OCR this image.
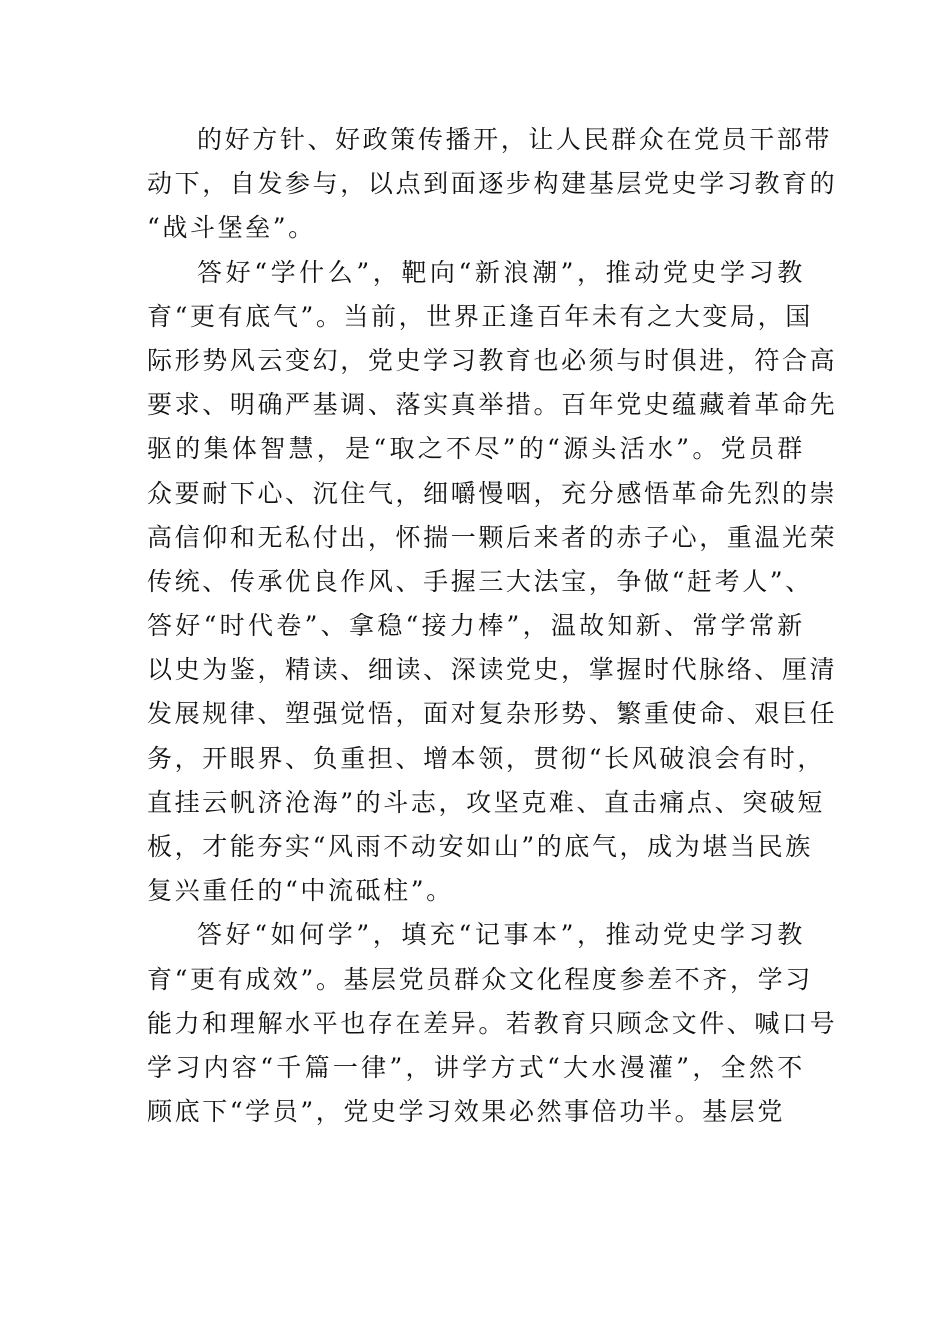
的 好 方 针 、 好 政 策 传 播 开 ， 让 人 民 群 众 在 党 员 干 部 带
动 下 ， 自 发 参 与 ， 以 点 到 面 逐 步 构 建 基 层 党 史 学 习 教 育 的
“战斗堡垒”。
答 好 “ 学 什 么 ” ， 靶 向 “ 新 浪 潮 ” ， 推 动 党 史 学 习 教
育 “ 更 有 底 气 ” 。 当 前 ， 世 界 正 逢 百 年 未 有 之 大 变 局 ， 国
际 形 势 风 云 变 幻 ， 党 史 学 习 教 育 也 必 须 与 时 俱 进 ， 符 合 高
要 求 、 明 确 严 基 调 、 落 实 真 举 措 。 百 年 党 史 蕴 藏 着 革 命 先
驱 的 集 体 智 慧 ， 是 “ 取 之 不 尽 ” 的 “ 源 头 活 水 ” 。 党 员 群
众 要 耐 下 心 、 沉 住 气 ， 细 嚼 慢 咽 ， 充 分 感 悟 革 命 先 烈 的 崇
高 信 仰 和 无 私 付 出 ， 怀 揣 一 颗 后 来 者 的 赤 子 心 ， 重 温 光 荣
传 统 、 传 承 优 良 作 风 、 手 握 三 大 法 宝 ， 争 做 “ 赶 考 人 ” 、
答 好 “ 时 代 卷 ” 、 拿 稳 “ 接 力 棒 ” ， 温 故 知 新 、 常 学 常 新
以 史 为 鉴 ， 精 读 、 细 读 、 深 读 党 史 ， 掌 握 时 代 脉 络 、 厘 清
发 展 规 律 、 塑 强 觉 悟 ， 面 对 复 杂 形 势 、 繁 重 使 命 、 艰 巨 任
务 ， 开 眼 界 、 负 重 担 、 增 本 领 ， 贯 彻 “ 长 风 破 浪 会 有 时 ，
直 挂 云 帆 济 沧 海 ” 的 斗 志 ， 攻 坚 克 难 、 直 击 痛 点 、 突 破 短
板 ， 才 能 夯 实 “ 风 雨 不 动 安 如 山 ” 的 底 气 ， 成 为 堪 当 民 族
复兴重任的“中流砥柱”。
答 好 “ 如 何 学 ” ， 填 充 “ 记 事 本 ” ， 推 动 党 史 学 习 教
育 “ 更 有 成 效 ” 。 基 层 党 员 群 众 文 化 程 度 参 差 不 齐 ， 学 习
能 力 和 理 解 水 平 也 存 在 差 异 。 若 教 育 只 顾 念 文 件 、 喊 口 号
学 习 内 容 “ 千 篇 一 律 ” ， 讲 学 方 式 “ 大 水 漫 灌 ” ， 全 然 不
顾底下“学员”，党史学习效果必然事倍功半。基层党
